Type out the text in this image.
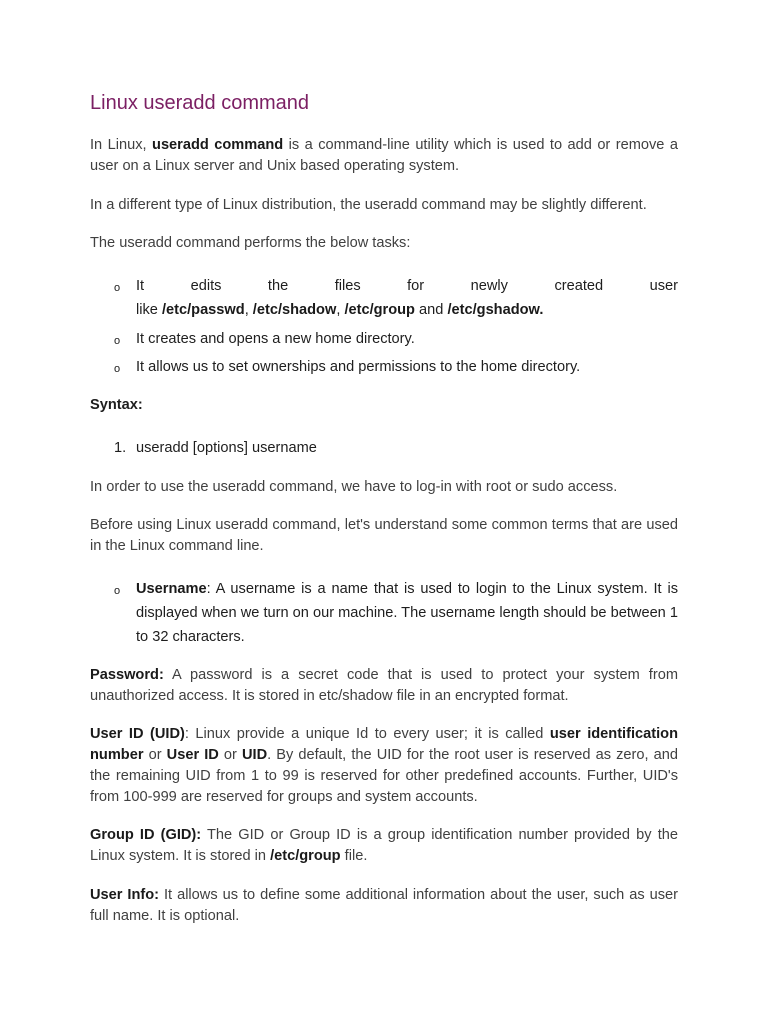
Linux useradd command

In Linux, useradd command is a command-line utility which is used to add or remove a user on a Linux server and Unix based operating system.

In a different type of Linux distribution, the useradd command may be slightly different.

The useradd command performs the below tasks:

o It	edits	the	files	for	newly	created	user
like /etc/passwd, /etc/shadow, /etc/group and /etc/gshadow.
o It creates and opens a new home directory.
o It allows us to set ownerships and permissions to the home directory.

Syntax:

1. useradd [options] username

In order to use the useradd command, we have to log-in with root or sudo access.

Before using Linux useradd command, let's understand some common terms that are used in the Linux command line.

o Username: A username is a name that is used to login to the Linux system. It is displayed when we turn on our machine. The username length should be between 1 to 32 characters.

Password: A password is a secret code that is used to protect your system from unauthorized access. It is stored in etc/shadow file in an encrypted format.

User ID (UID): Linux provide a unique Id to every user; it is called user identification number or User ID or UID. By default, the UID for the root user is reserved as zero, and the remaining UID from 1 to 99 is reserved for other predefined accounts. Further, UID's from 100-999 are reserved for groups and system accounts.

Group ID (GID): The GID or Group ID is a group identification number provided by the Linux system. It is stored in /etc/group file.

User Info: It allows us to define some additional information about the user, such as user full name. It is optional.
